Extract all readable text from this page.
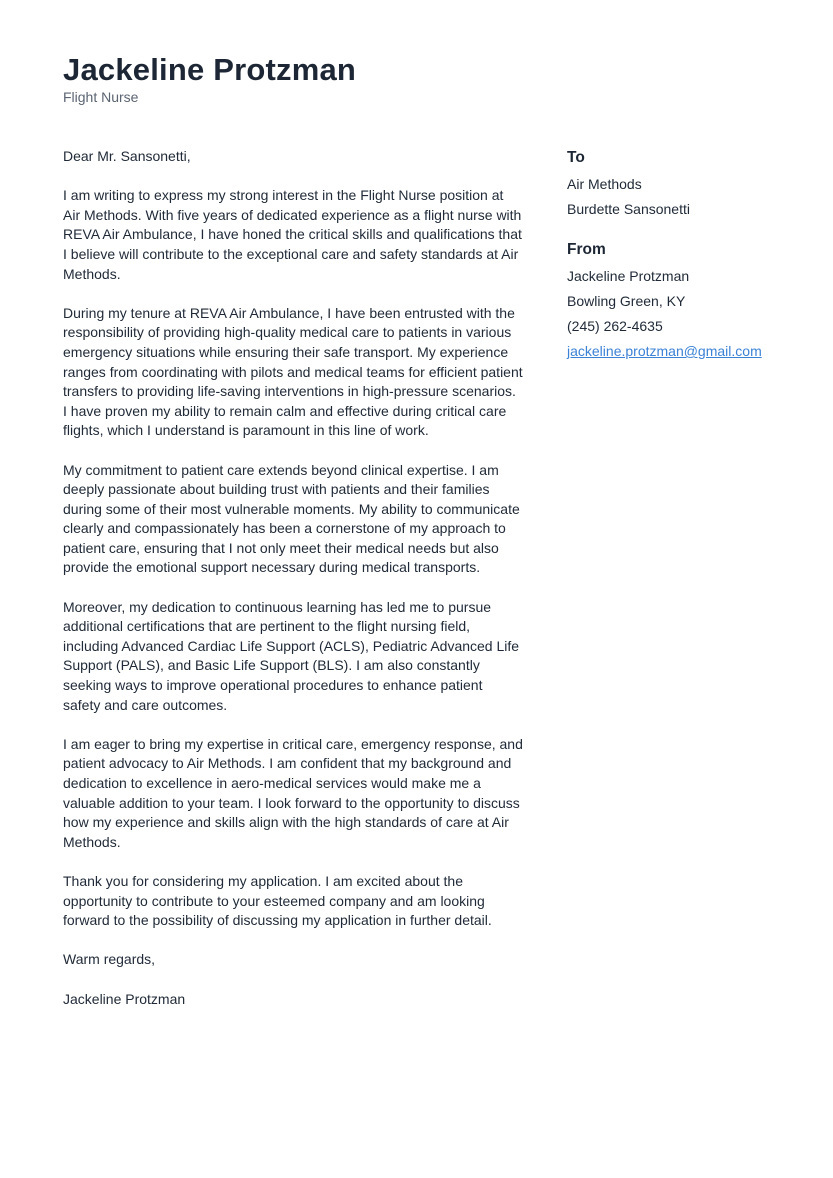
Jackeline Protzman
Flight Nurse

Dear Mr. Sansonetti,

I am writing to express my strong interest in the Flight Nurse position at Air Methods. With five years of dedicated experience as a flight nurse with REVA Air Ambulance, I have honed the critical skills and qualifications that I believe will contribute to the exceptional care and safety standards at Air Methods.

During my tenure at REVA Air Ambulance, I have been entrusted with the responsibility of providing high-quality medical care to patients in various emergency situations while ensuring their safe transport. My experience ranges from coordinating with pilots and medical teams for efficient patient transfers to providing life-saving interventions in high-pressure scenarios. I have proven my ability to remain calm and effective during critical care flights, which I understand is paramount in this line of work.

My commitment to patient care extends beyond clinical expertise. I am deeply passionate about building trust with patients and their families during some of their most vulnerable moments. My ability to communicate clearly and compassionately has been a cornerstone of my approach to patient care, ensuring that I not only meet their medical needs but also provide the emotional support necessary during medical transports.

Moreover, my dedication to continuous learning has led me to pursue additional certifications that are pertinent to the flight nursing field, including Advanced Cardiac Life Support (ACLS), Pediatric Advanced Life Support (PALS), and Basic Life Support (BLS). I am also constantly seeking ways to improve operational procedures to enhance patient safety and care outcomes.

I am eager to bring my expertise in critical care, emergency response, and patient advocacy to Air Methods. I am confident that my background and dedication to excellence in aero-medical services would make me a valuable addition to your team. I look forward to the opportunity to discuss how my experience and skills align with the high standards of care at Air Methods.

Thank you for considering my application. I am excited about the opportunity to contribute to your esteemed company and am looking forward to the possibility of discussing my application in further detail.

Warm regards,

Jackeline Protzman

To
Air Methods
Burdette Sansonetti
From
Jackeline Protzman
Bowling Green, KY
(245) 262-4635
jackeline.protzman@gmail.com
